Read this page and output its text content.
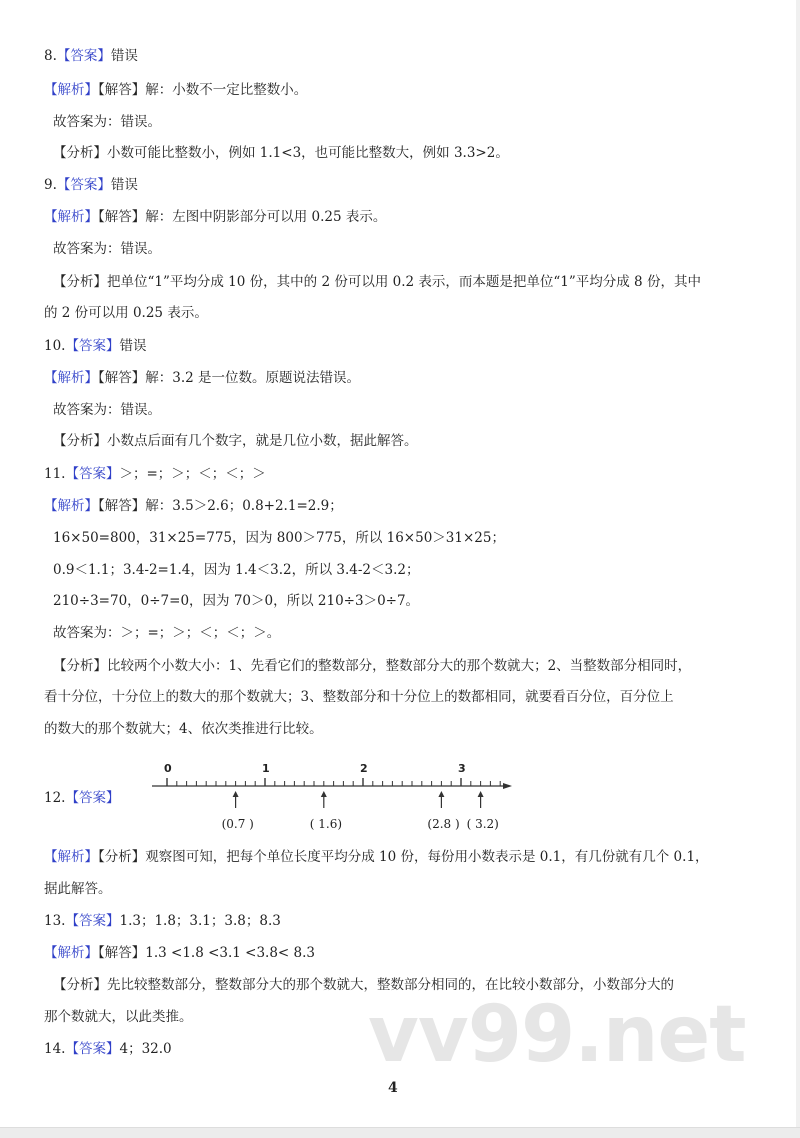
8.【答案】错误
【解析】【解答】解：小数不一定比整数小。
故答案为：错误。
【分析】小数可能比整数小，例如 1.1<3，也可能比整数大，例如 3.3>2。
9.【答案】错误
【解析】【解答】解：左图中阴影部分可以用 0.25 表示。
故答案为：错误。
【分析】把单位“1”平均分成 10 份，其中的 2 份可以用 0.2 表示，而本题是把单位“1”平均分成 8 份，其中
的 2 份可以用 0.25 表示。
10.【答案】错误
【解析】【解答】解：3.2 是一位数。原题说法错误。
故答案为：错误。
【分析】小数点后面有几个数字，就是几位小数，据此解答。
11.【答案】＞；=；＞；＜；＜；＞
【解析】【解答】解：3.5＞2.6；0.8+2.1=2.9；
16×50=800，31×25=775，因为 800＞775，所以 16×50＞31×25；
0.9＜1.1；3.4-2=1.4，因为 1.4＜3.2，所以 3.4-2＜3.2；
210÷3=70，0÷7=0，因为 70＞0，所以 210÷3＞0÷7。
故答案为：＞；=；＞；＜；＜；＞。
【分析】比较两个小数大小：1、先看它们的整数部分，整数部分大的那个数就大；2、当整数部分相同时，
看十分位，十分位上的数大的那个数就大；3、整数部分和十分位上的数都相同，就要看百分位，百分位上
的数大的那个数就大；4、依次类推进行比较。
12.【答案】
【解析】【分析】观察图可知，把每个单位长度平均分成 10 份，每份用小数表示是 0.1，有几份就有几个 0.1，
据此解答。
13.【答案】1.3；1.8；3.1；3.8；8.3
【解析】【解答】1.3 <1.8 <3.1 <3.8< 8.3
【分析】先比较整数部分，整数部分大的那个数就大，整数部分相同的，在比较小数部分，小数部分大的
那个数就大，以此类推。
14.【答案】4；32.0
0	1	2	3
(0.7 )	( 1.6)	(2.8 ) ( 3.2)
vv99.net
4
